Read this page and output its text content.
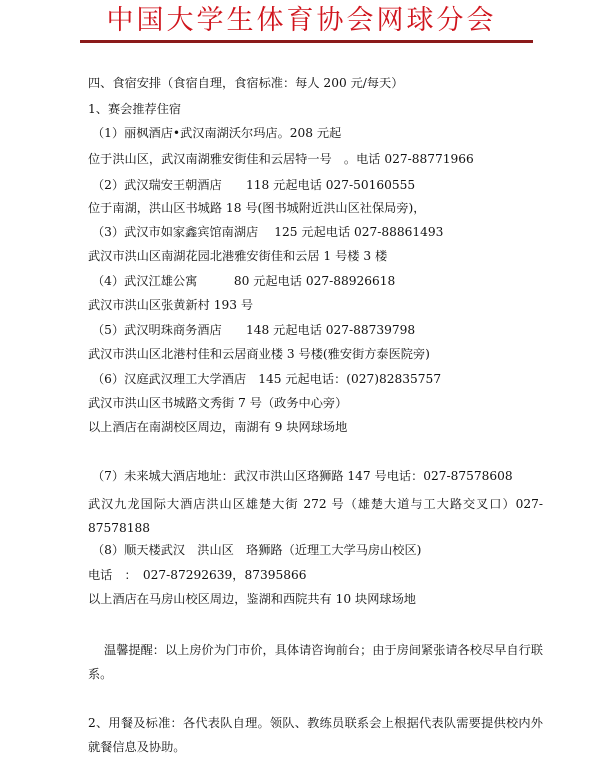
中国大学生体育协会网球分会
四、食宿安排（食宿自理，食宿标准：每人 200 元/每天）
1、赛会推荐住宿
（1）丽枫酒店•武汉南湖沃尔玛店。208 元起
位于洪山区，武汉南湖雅安街佳和云居特一号　。电话 027-88771966
（2）武汉瑞安王朝酒店　　118 元起电话 027-50160555
位于南湖，洪山区书城路 18 号(图书城附近洪山区社保局旁)，
（3）武汉市如家鑫宾馆南湖店　 125 元起电话 027-88861493
武汉市洪山区南湖花园北港雅安街佳和云居 1 号楼 3 楼
（4）武汉江雄公寓　　　80 元起电话 027-88926618
武汉市洪山区张黄新村 193 号
（5）武汉明珠商务酒店　　148 元起电话 027-88739798
武汉市洪山区北港村佳和云居商业楼 3 号楼(雅安街方泰医院旁)
（6）汉庭武汉理工大学酒店　145 元起电话：(027)82835757
武汉市洪山区书城路文秀街 7 号（政务中心旁）
以上酒店在南湖校区周边，南湖有 9 块网球场地
（7）未来城大酒店地址：武汉市洪山区珞狮路 147 号电话：027-87578608
武汉九龙国际大酒店洪山区雄楚大街 272 号（雄楚大道与工大路交叉口）027-87578188
（8）顺天楼武汉　洪山区　珞狮路（近理工大学马房山校区)
电话　：　027-87292639，87395866
以上酒店在马房山校区周边，鉴湖和西院共有 10 块网球场地
温馨提醒：以上房价为门市价，具体请咨询前台；由于房间紧张请各校尽早自行联系。
2、用餐及标准：各代表队自理。领队、教练员联系会上根据代表队需要提供校内外就餐信息及协助。
